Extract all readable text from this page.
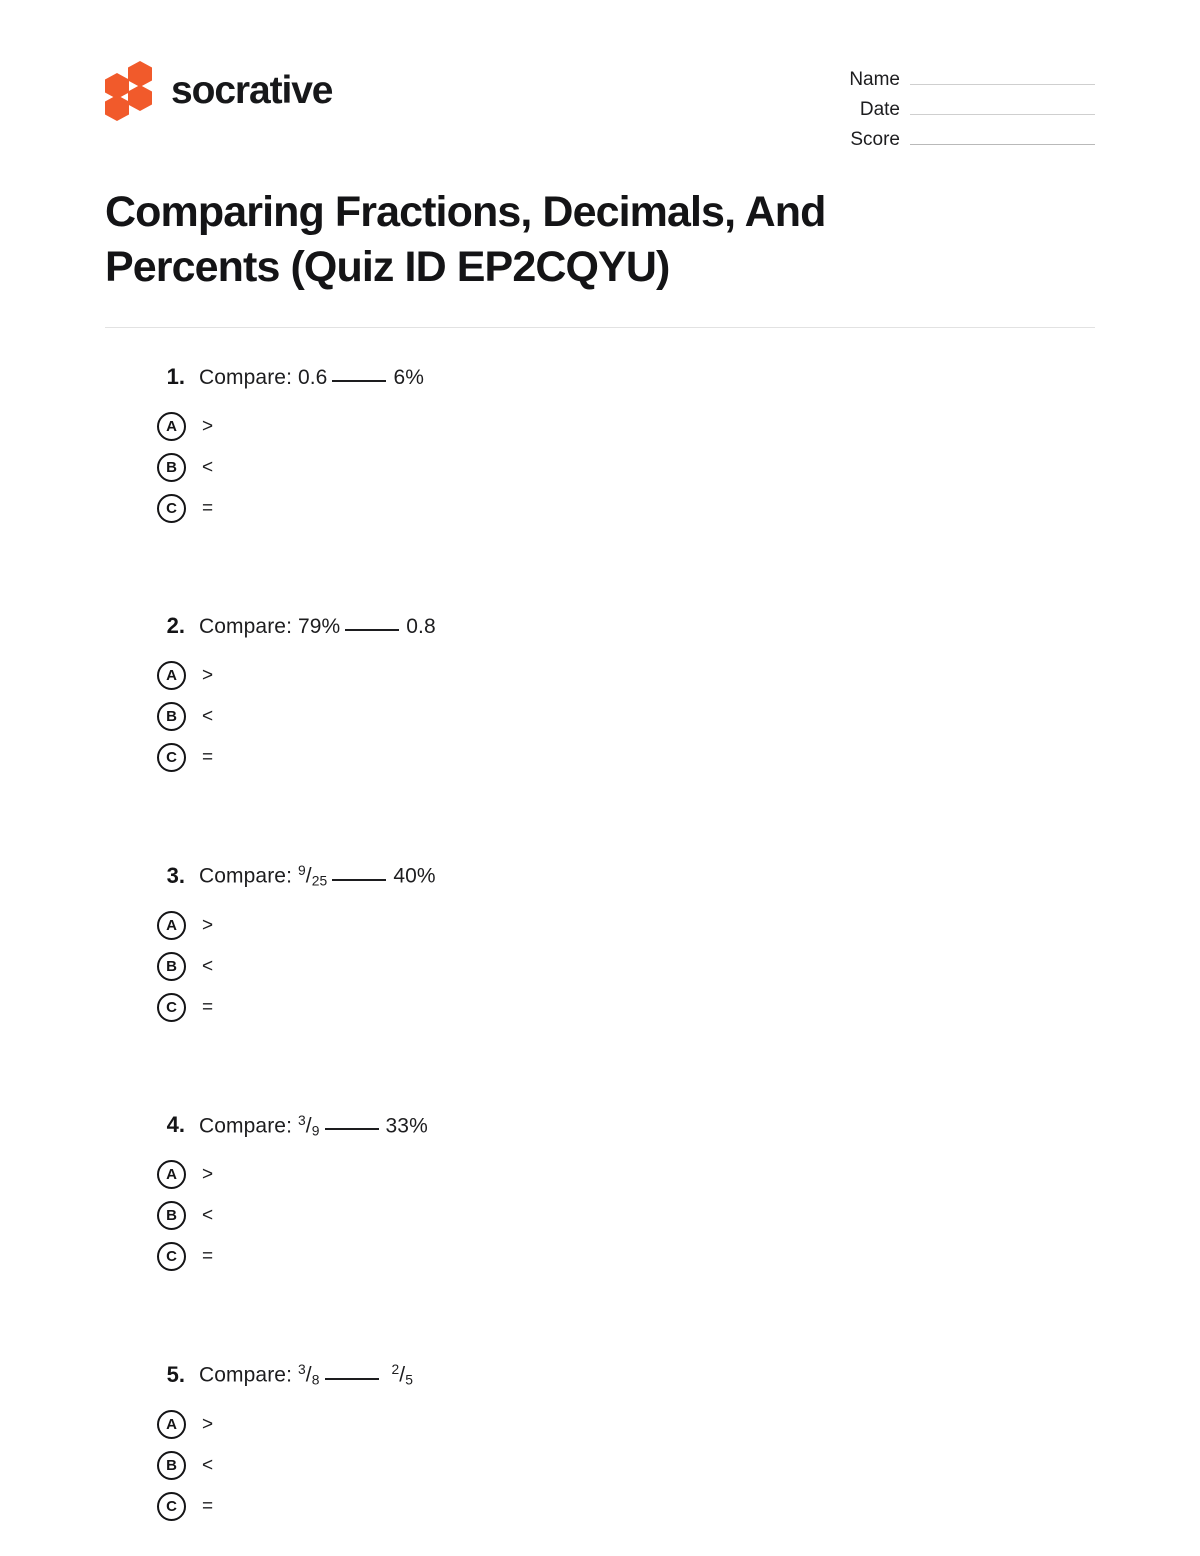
socrative	Name
Date
Score
Comparing Fractions, Decimals, And Percents (Quiz ID EP2CQYU)
1. Compare: 0.6	6%
A	>
B	<
C	=
2. Compare: 79%	0.8
A	>
B	<
C	=
3. Compare: $^9/_{25}$	40%
A	>
B	<
C	=
4. Compare: $^3/_9$	33%
A	>
B	<
C	=
5. Compare: $^3/_8$ $^2/_5$
A	>
B	<
C	=
